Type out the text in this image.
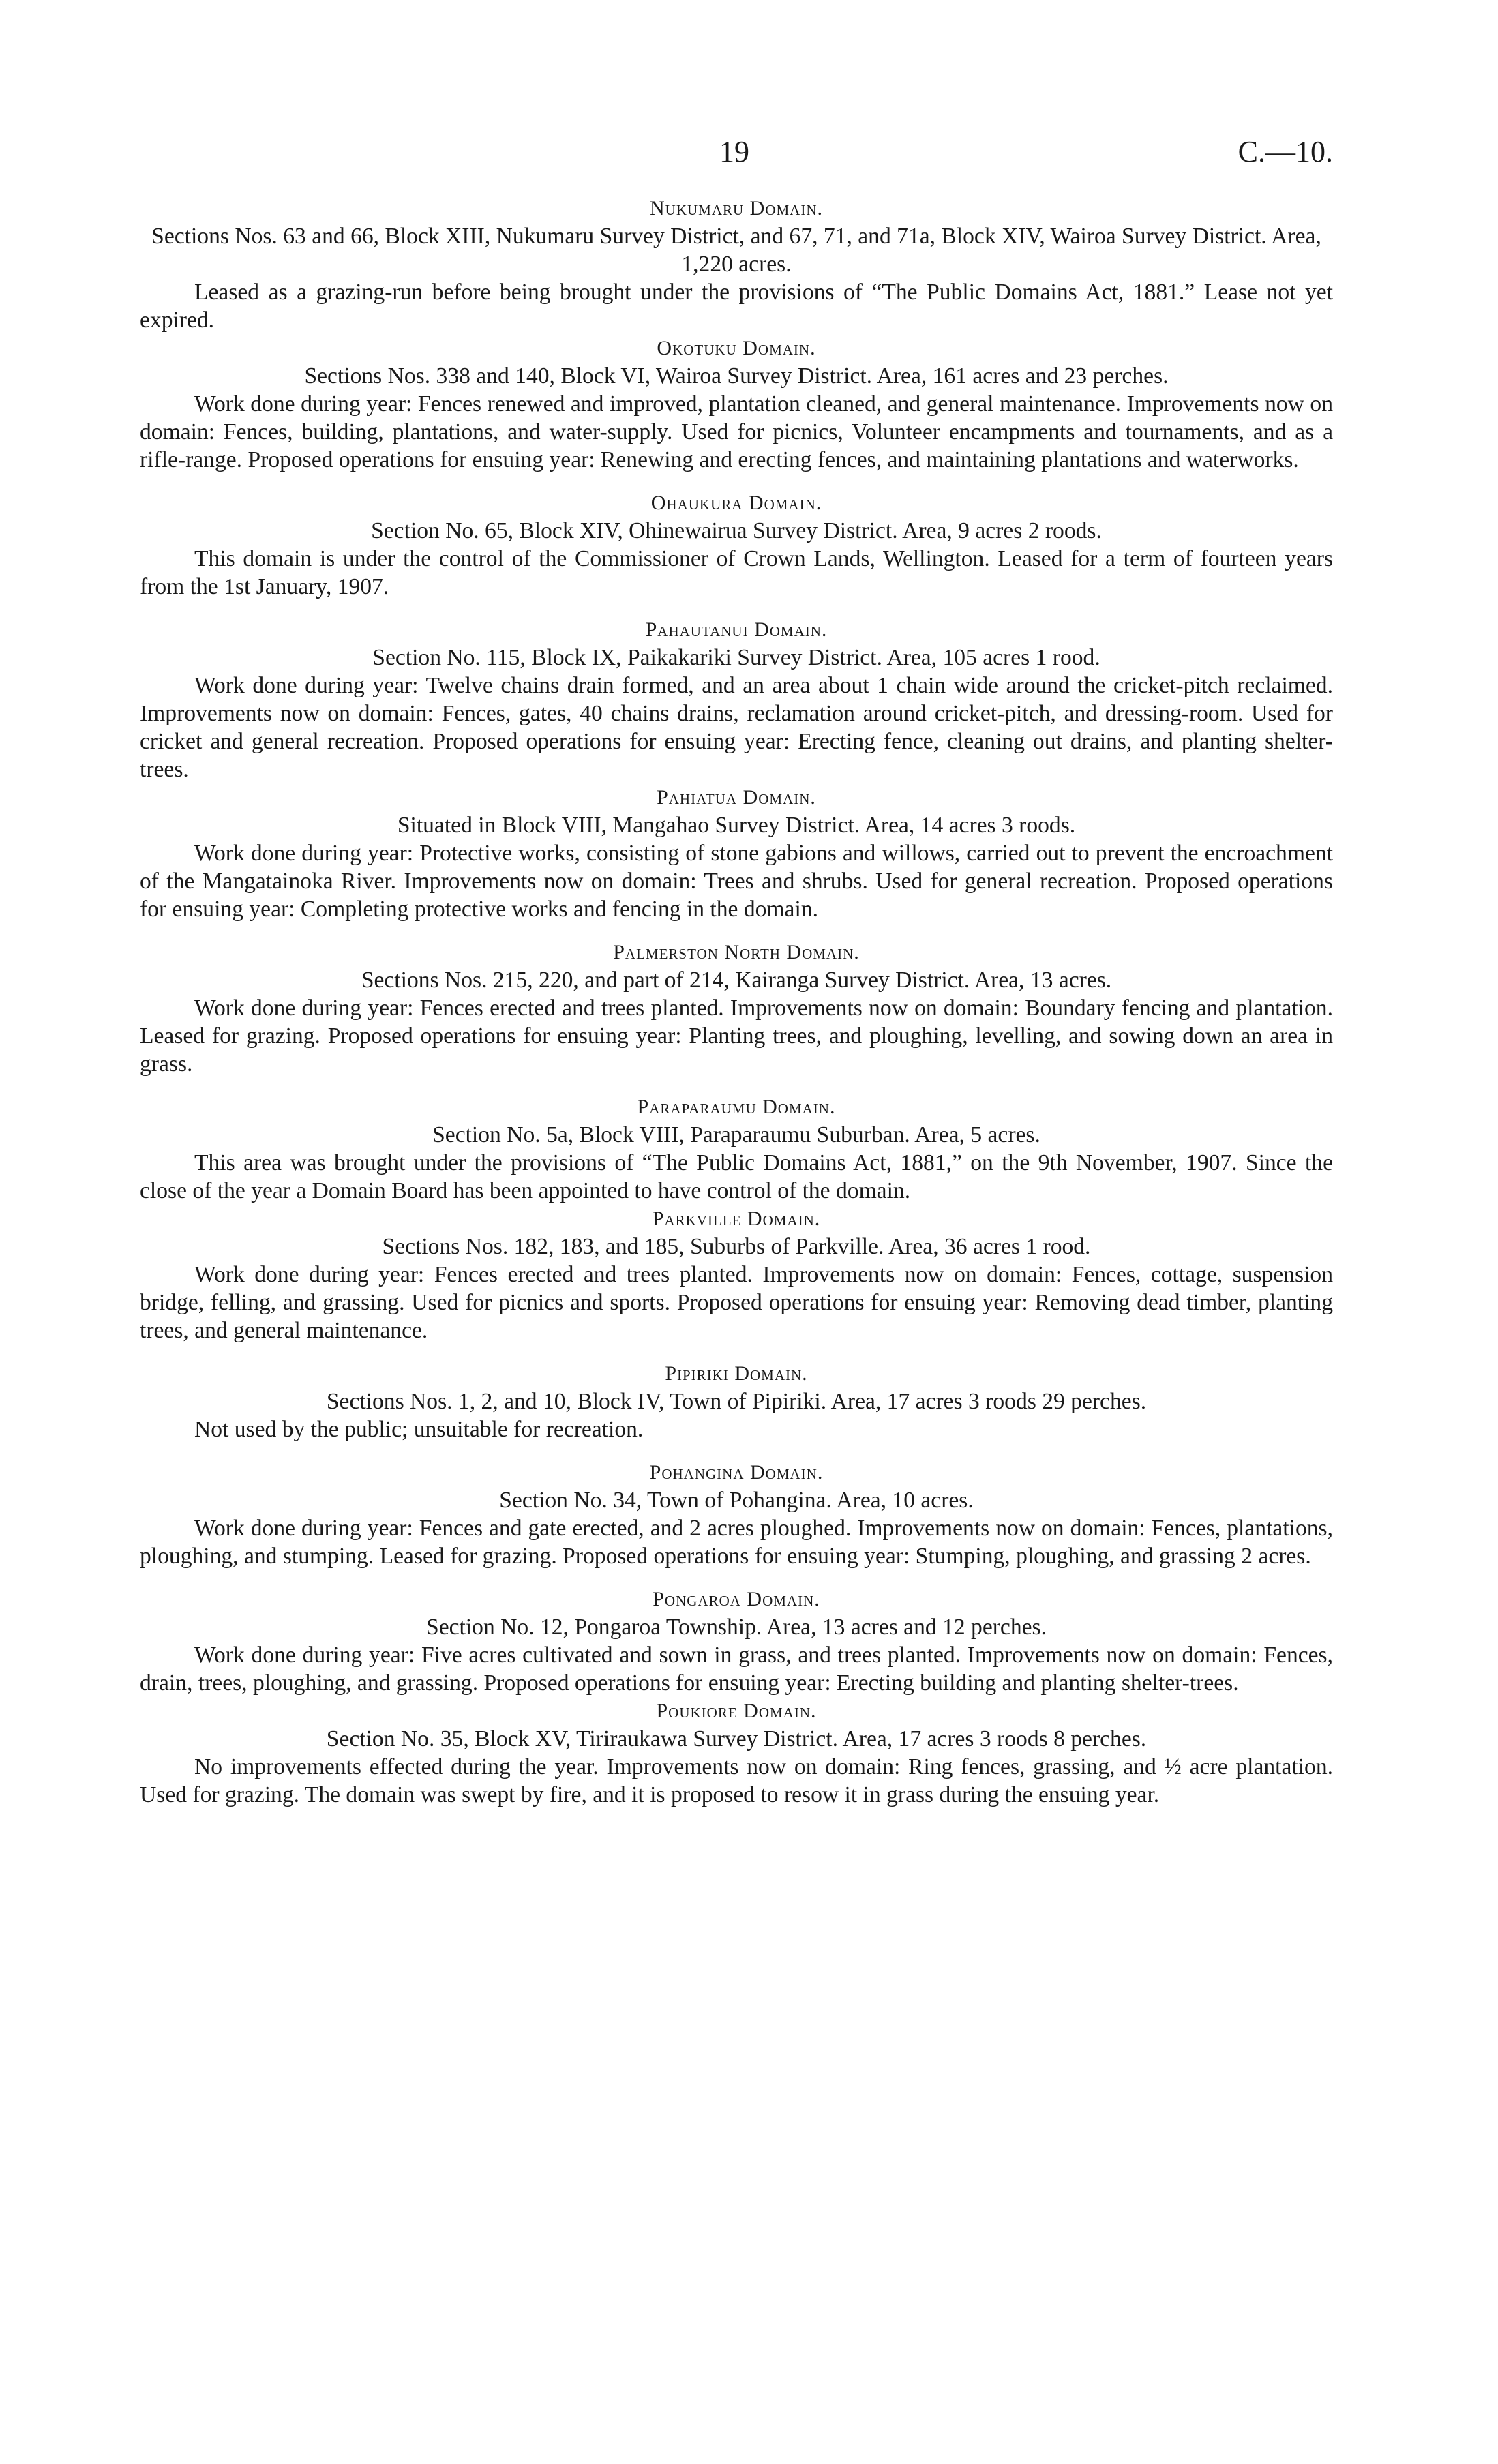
19	C.—10.
Nukumaru Domain.

Sections Nos. 63 and 66, Block XIII, Nukumaru Survey District, and 67, 71, and 71a, Block XIV, Wairoa Survey District. Area, 1,220 acres.

Leased as a grazing-run before being brought under the provisions of “The Public Domains Act, 1881.” Lease not yet expired.

Okotuku Domain.

Sections Nos. 338 and 140, Block VI, Wairoa Survey District. Area, 161 acres and 23 perches.

Work done during year: Fences renewed and improved, plantation cleaned, and general maintenance. Improvements now on domain: Fences, building, plantations, and water-supply. Used for picnics, Volunteer encampments and tournaments, and as a rifle-range. Proposed operations for ensuing year: Renewing and erecting fences, and maintaining plantations and waterworks.

Ohaukura Domain.

Section No. 65, Block XIV, Ohinewairua Survey District. Area, 9 acres 2 roods.

This domain is under the control of the Commissioner of Crown Lands, Wellington. Leased for a term of fourteen years from the 1st January, 1907.

Pahautanui Domain.

Section No. 115, Block IX, Paikakariki Survey District. Area, 105 acres 1 rood.

Work done during year: Twelve chains drain formed, and an area about 1 chain wide around the cricket-pitch reclaimed. Improvements now on domain: Fences, gates, 40 chains drains, reclamation around cricket-pitch, and dressing-room. Used for cricket and general recreation. Proposed operations for ensuing year: Erecting fence, cleaning out drains, and planting shelter-trees.

Pahiatua Domain.

Situated in Block VIII, Mangahao Survey District. Area, 14 acres 3 roods.

Work done during year: Protective works, consisting of stone gabions and willows, carried out to prevent the encroachment of the Mangatainoka River. Improvements now on domain: Trees and shrubs. Used for general recreation. Proposed operations for ensuing year: Completing protective works and fencing in the domain.

Palmerston North Domain.

Sections Nos. 215, 220, and part of 214, Kairanga Survey District. Area, 13 acres.

Work done during year: Fences erected and trees planted. Improvements now on domain: Boundary fencing and plantation. Leased for grazing. Proposed operations for ensuing year: Planting trees, and ploughing, levelling, and sowing down an area in grass.

Paraparaumu Domain.

Section No. 5a, Block VIII, Paraparaumu Suburban. Area, 5 acres.

This area was brought under the provisions of “The Public Domains Act, 1881,” on the 9th November, 1907. Since the close of the year a Domain Board has been appointed to have control of the domain.

Parkville Domain.

Sections Nos. 182, 183, and 185, Suburbs of Parkville. Area, 36 acres 1 rood.

Work done during year: Fences erected and trees planted. Improvements now on domain: Fences, cottage, suspension bridge, felling, and grassing. Used for picnics and sports. Proposed operations for ensuing year: Removing dead timber, planting trees, and general maintenance.

Pipiriki Domain.

Sections Nos. 1, 2, and 10, Block IV, Town of Pipiriki. Area, 17 acres 3 roods 29 perches.

Not used by the public; unsuitable for recreation.

Pohangina Domain.

Section No. 34, Town of Pohangina. Area, 10 acres.

Work done during year: Fences and gate erected, and 2 acres ploughed. Improvements now on domain: Fences, plantations, ploughing, and stumping. Leased for grazing. Proposed operations for ensuing year: Stumping, ploughing, and grassing 2 acres.

Pongaroa Domain.

Section No. 12, Pongaroa Township. Area, 13 acres and 12 perches.

Work done during year: Five acres cultivated and sown in grass, and trees planted. Improvements now on domain: Fences, drain, trees, ploughing, and grassing. Proposed operations for ensuing year: Erecting building and planting shelter-trees.

Poukiore Domain.

Section No. 35, Block XV, Tiriraukawa Survey District. Area, 17 acres 3 roods 8 perches.

No improvements effected during the year. Improvements now on domain: Ring fences, grassing, and ½ acre plantation. Used for grazing. The domain was swept by fire, and it is proposed to resow it in grass during the ensuing year.
